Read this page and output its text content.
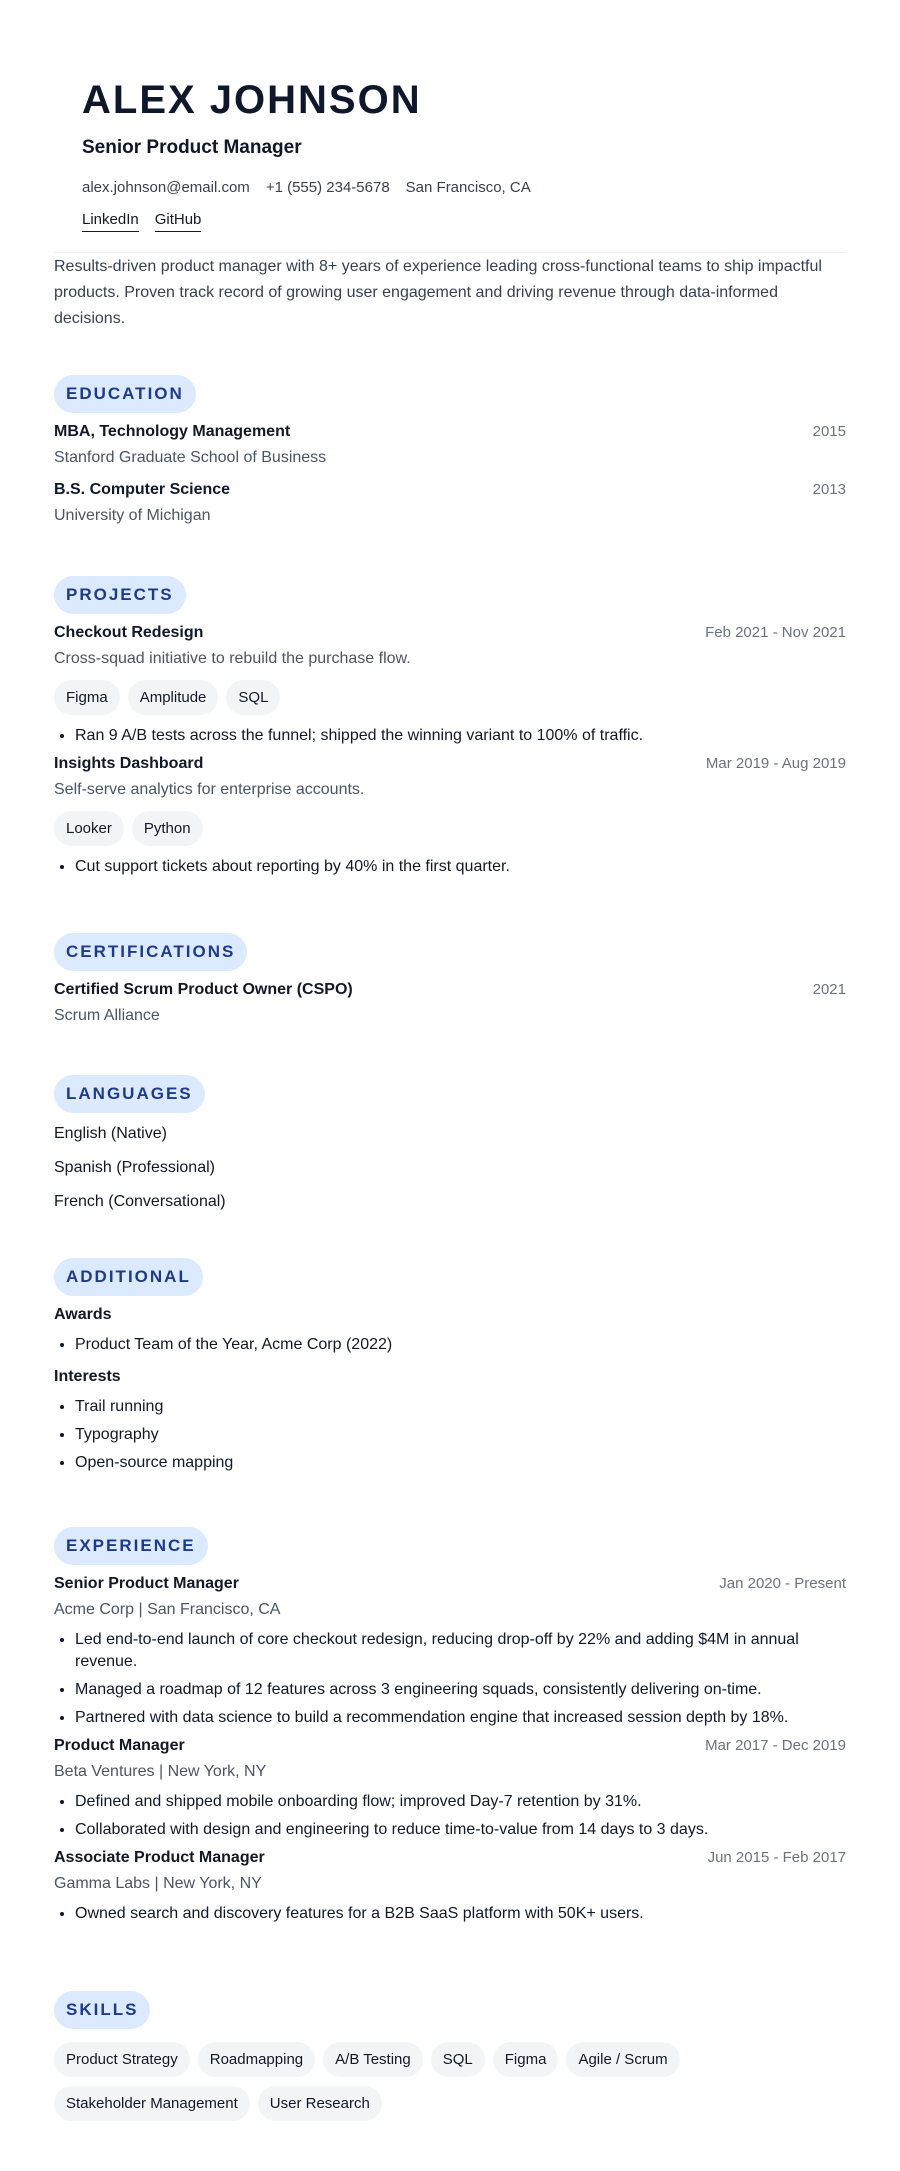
ALEX JOHNSON
Senior Product Manager
alex.johnson@email.com +1 (555) 234-5678 San Francisco, CA
LinkedIn GitHub
Results-driven product manager with 8+ years of experience leading cross-functional teams to ship impactful products. Proven track record of growing user engagement and driving revenue through data-informed decisions.
EDUCATION
MBA, Technology Management	2015
Stanford Graduate School of Business
B.S. Computer Science	2013
University of Michigan
PROJECTS
Checkout Redesign	Feb 2021 - Nov 2021
Cross-squad initiative to rebuild the purchase flow.
Figma	Amplitude	SQL
• Ran 9 A/B tests across the funnel; shipped the winning variant to 100% of traffic.
Insights Dashboard	Mar 2019 - Aug 2019
Self-serve analytics for enterprise accounts.
Looker	Python
• Cut support tickets about reporting by 40% in the first quarter.
CERTIFICATIONS
Certified Scrum Product Owner (CSPO)	2021
Scrum Alliance
LANGUAGES
English (Native)
Spanish (Professional)
French (Conversational)
ADDITIONAL
Awards
• Product Team of the Year, Acme Corp (2022)
Interests
• Trail running
• Typography
• Open-source mapping
EXPERIENCE
Senior Product Manager	Jan 2020 - Present
Acme Corp | San Francisco, CA
• Led end-to-end launch of core checkout redesign, reducing drop-off by 22% and adding $4M in annual revenue.
• Managed a roadmap of 12 features across 3 engineering squads, consistently delivering on-time.
• Partnered with data science to build a recommendation engine that increased session depth by 18%.
Product Manager	Mar 2017 - Dec 2019
Beta Ventures | New York, NY
• Defined and shipped mobile onboarding flow; improved Day-7 retention by 31%.
• Collaborated with design and engineering to reduce time-to-value from 14 days to 3 days.
Associate Product Manager	Jun 2015 - Feb 2017
Gamma Labs | New York, NY
• Owned search and discovery features for a B2B SaaS platform with 50K+ users.
SKILLS
Product Strategy	Roadmapping	A/B Testing	SQL	Figma	Agile / Scrum
Stakeholder Management	User Research
